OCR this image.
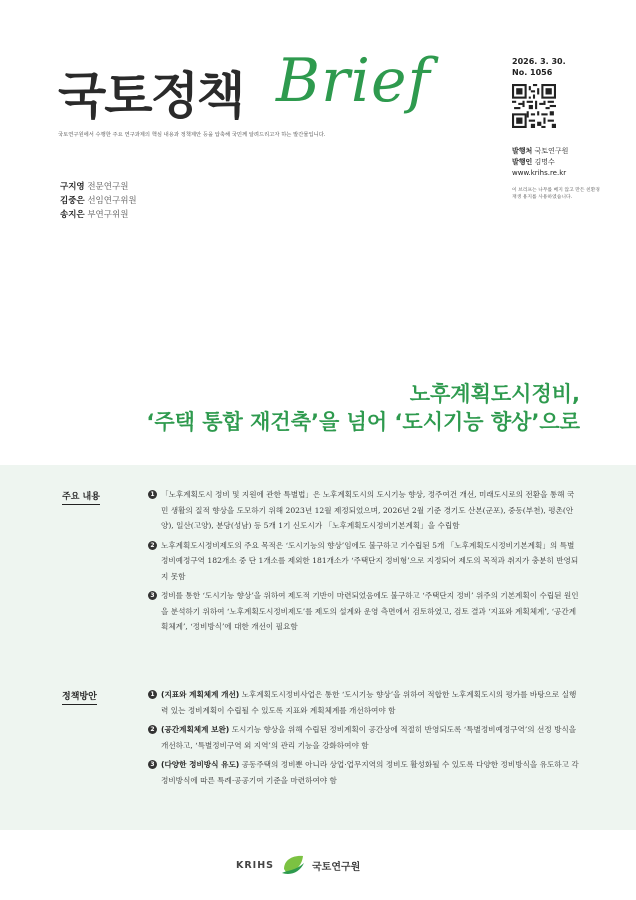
국토정책 Brief
국토연구원에서 수행한 주요 연구과제의 핵심 내용과 정책제안 등을 압축해 국민께 알려드리고자 하는 발간물입니다.
2026. 3. 30.
No. 1056
발행처 국토연구원
발행인 김명수
www.krihs.re.kr
이 브리프는 나무를 베지 않고 만든 친환경 재생 용지를 사용하였습니다.
구지영 전문연구원
김중은 선임연구위원
송지은 부연구위원
노후계획도시정비,
‘주택 통합 재건축’을 넘어 ‘도시기능 향상’으로
주요 내용	1 「노후계획도시 정비 및 지원에 관한 특별법」은 노후계획도시의 도시기능 향상, 정주여건 개선, 미래도시로의 전환을 통해 국민 생활의 질적 향상을 도모하기 위해 2023년 12월 제정되었으며, 2026년 2월 기준 경기도 산본(군포), 중동(부천), 평촌(안양), 일산(고양), 분당(성남) 등 5개 1기 신도시가 「노후계획도시정비기본계획」을 수립함
2 노후계획도시정비제도의 주요 목적은 ‘도시기능의 향상’임에도 불구하고 기수립된 5개 「노후계획도시정비기본계획」의 특별정비예정구역 182개소 중 단 1개소를 제외한 181개소가 ‘주택단지 정비형’으로 지정되어 제도의 목적과 취지가 충분히 반영되지 못함
3 정비를 통한 ‘도시기능 향상’을 위하여 제도적 기반이 마련되었음에도 불구하고 ‘주택단지 정비’ 위주의 기본계획이 수립된 원인을 분석하기 위하여 ‘노후계획도시정비제도’를 제도의 설계와 운영 측면에서 검토하였고, 검토 결과 ‘지표와 계획체계’, ‘공간계획체계’, ‘정비방식’에 대한 개선이 필요함
정책방안	1 (지표와 계획체계 개선) 노후계획도시정비사업은 통한 ‘도시기능 향상’을 위하여 적합한 노후계획도시의 평가를 바탕으로 실행력 있는 정비계획이 수립될 수 있도록 지표와 계획체계를 개선하여야 함
2 (공간계획체계 보완) 도시기능 향상을 위해 수립된 정비계획이 공간상에 적절히 반영되도록 ‘특별정비예정구역’의 선정 방식을 개선하고, ‘특별정비구역 외 지역’의 관리 기능을 강화하여야 함
3 (다양한 정비방식 유도) 공동주택의 정비뿐 아니라 상업·업무지역의 정비도 활성화될 수 있도록 다양한 정비방식을 유도하고 각 정비방식에 따른 특례·공공기여 기준을 마련하여야 함
KRIHS	국토연구원
